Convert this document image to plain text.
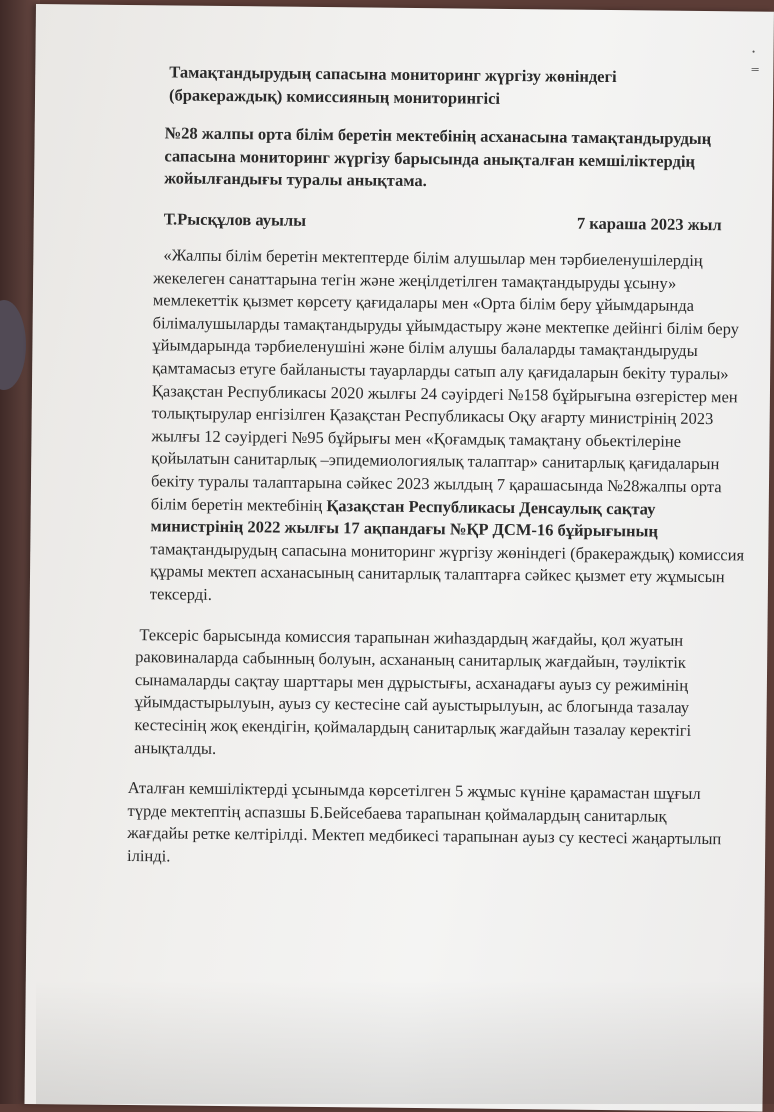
· ⁼
Тамақтандырудың сапасына мониторинг жүргізу жөніндегі (бракераждық) комиссияның мониторингісі
№28 жалпы орта білім беретін мектебінің асханасына тамақтандырудың сапасына мониторинг жүргізу барысында анықталған кемшіліктердің жойылғандығы туралы анықтама.
Т.Рысқұлов ауылы	7 караша 2023 жыл

«Жалпы білім беретін мектептерде білім алушылар мен тәрбиеленушілердің жекелеген санаттарына тегін және жеңілдетілген тамақтандыруды ұсыну» мемлекеттік қызмет көрсету қағидалары мен «Орта білім беру ұйымдарында білімалушыларды тамақтандыруды ұйымдастыру және мектепке дейінгі білім беру ұйымдарында тәрбиеленушіні және білім алушы балаларды тамақтандыруды қамтамасыз етуге байланысты тауарларды сатып алу қағидаларын бекіту туралы» Қазақстан Республикасы 2020 жылғы 24 сәуірдегі №158 бұйрығына өзгерістер мен толықтырулар енгізілген Қазақстан Республикасы Оқу ағарту министрінің 2023 жылғы 12 сәуірдегі №95 бұйрығы мен «Қоғамдық тамақтану обьектілеріне қойылатын санитарлық –эпидемиологиялық талаптар» санитарлық қағидаларын бекіту туралы талаптарына сәйкес 2023 жылдың 7 қарашасында №28жалпы орта білім беретін мектебінің Қазақстан Республикасы Денсаулық сақтау министрінің 2022 жылғы 17 ақпандағы №ҚР ДСМ-16 бұйрығының тамақтандырудың сапасына мониторинг жүргізу жөніндегі (бракераждық) комиссия құрамы мектеп асханасының санитарлық талаптарға сәйкес қызмет ету жұмысын тексерді.

Тексеріс барысында комиссия тарапынан жиһаздардың жағдайы, қол жуатын раковиналарда сабынның болуын, асхананың санитарлық жағдайын, тәуліктік сынамаларды сақтау шарттары мен дұрыстығы, асханадағы ауыз су режимінің ұйымдастырылуын, ауыз су кестесіне сай ауыстырылуын, ас блогында тазалау кестесінің жоқ екендігін, қоймалардың санитарлық жағдайын тазалау керектігі анықталды.

Аталған кемшіліктерді ұсынымда көрсетілген 5 жұмыс күніне қарамастан шұғыл түрде мектептің аспазшы Б.Бейсебаева тарапынан қоймалардың санитарлық жағдайы ретке келтірілді. Мектеп медбикесі тарапынан ауыз су кестесі жаңартылып ілінді.
